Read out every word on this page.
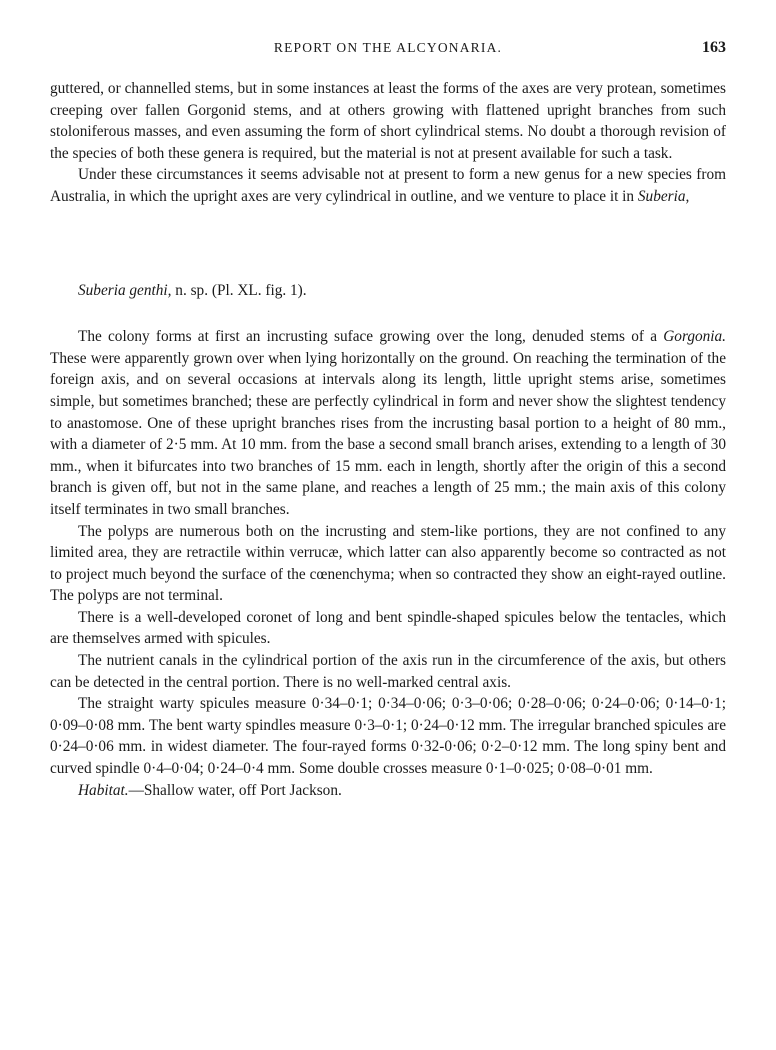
REPORT ON THE ALCYONARIA.	163

guttered, or channelled stems, but in some instances at least the forms of the axes are very protean, sometimes creeping over fallen Gorgonid stems, and at others growing with flattened upright branches from such stoloniferous masses, and even assuming the form of short cylindrical stems. No doubt a thorough revision of the species of both these genera is required, but the material is not at present available for such a task.

Under these circumstances it seems advisable not at present to form a new genus for a new species from Australia, in which the upright axes are very cylindrical in outline, and we venture to place it in Suberia,

Suberia genthi, n. sp. (Pl. XL. fig. 1).

The colony forms at first an incrusting suface growing over the long, denuded stems of a Gorgonia. These were apparently grown over when lying horizontally on the ground. On reaching the termination of the foreign axis, and on several occasions at intervals along its length, little upright stems arise, sometimes simple, but sometimes branched; these are perfectly cylindrical in form and never show the slightest tendency to anastomose. One of these upright branches rises from the incrusting basal portion to a height of 80 mm., with a diameter of 2·5 mm. At 10 mm. from the base a second small branch arises, extending to a length of 30 mm., when it bifurcates into two branches of 15 mm. each in length, shortly after the origin of this a second branch is given off, but not in the same plane, and reaches a length of 25 mm.; the main axis of this colony itself terminates in two small branches.

The polyps are numerous both on the incrusting and stem-like portions, they are not confined to any limited area, they are retractile within verrucæ, which latter can also apparently become so contracted as not to project much beyond the surface of the cœnenchyma; when so contracted they show an eight-rayed outline. The polyps are not terminal.

There is a well-developed coronet of long and bent spindle-shaped spicules below the tentacles, which are themselves armed with spicules.

The nutrient canals in the cylindrical portion of the axis run in the circumference of the axis, but others can be detected in the central portion. There is no well-marked central axis.

The straight warty spicules measure 0·34–0·1; 0·34–0·06; 0·3–0·06; 0·28–0·06; 0·24–0·06; 0·14–0·1; 0·09–0·08 mm. The bent warty spindles measure 0·3–0·1; 0·24–0·12 mm. The irregular branched spicules are 0·24–0·06 mm. in widest diameter. The four-rayed forms 0·32-0·06; 0·2–0·12 mm. The long spiny bent and curved spindle 0·4–0·04; 0·24–0·4 mm. Some double crosses measure 0·1–0·025; 0·08–0·01 mm.

Habitat.—Shallow water, off Port Jackson.
